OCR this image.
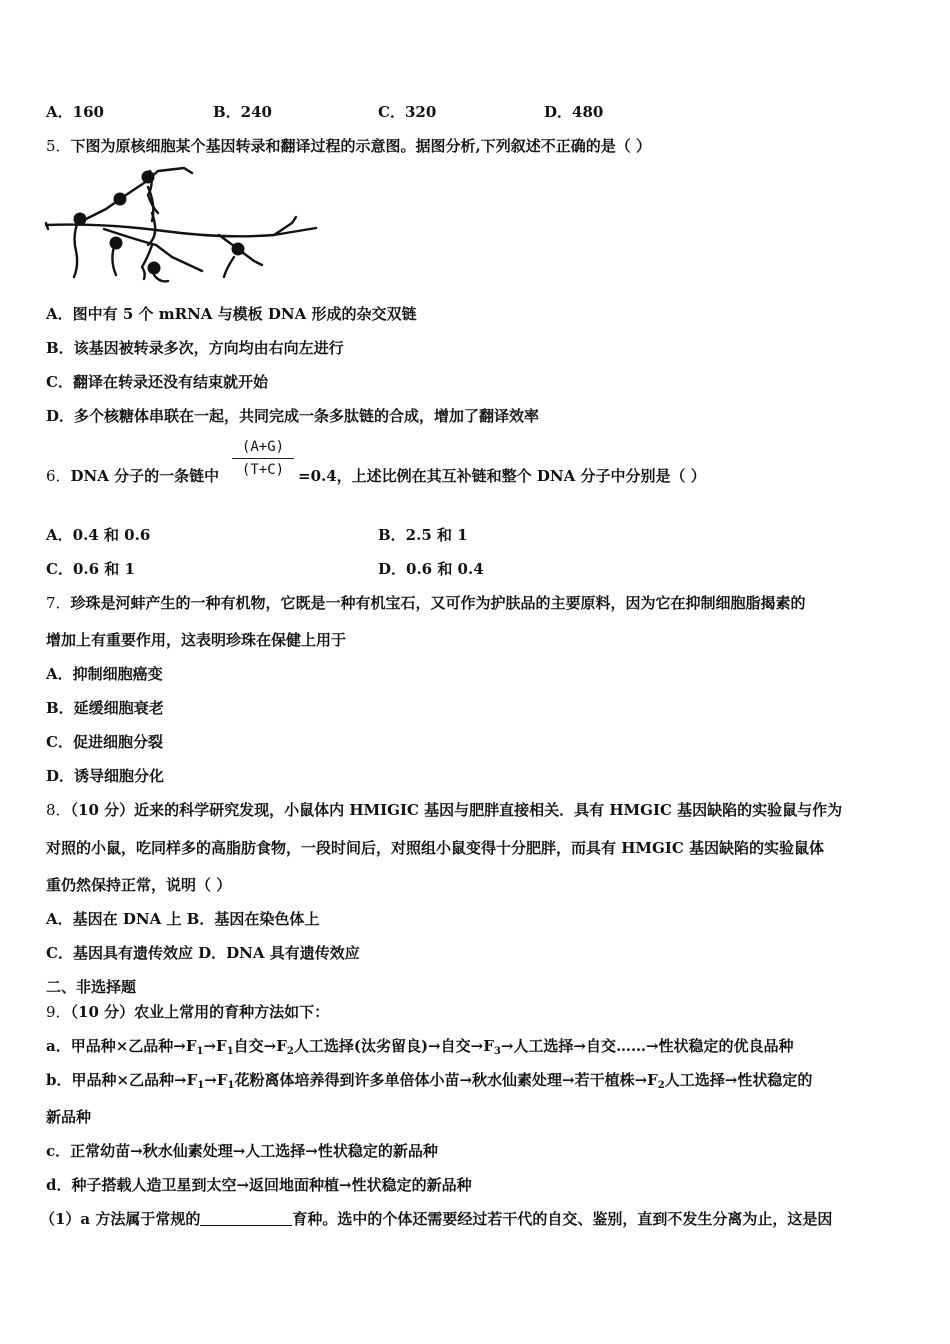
A．160	B．240	C．320	D．480
5．下图为原核细胞某个基因转录和翻译过程的示意图。据图分析,下列叙述不正确的是（ ）
A．图中有 5 个 mRNA 与模板 DNA 形成的杂交双链
B．该基因被转录多次，方向均由右向左进行
C．翻译在转录还没有结束就开始
D．多个核糖体串联在一起，共同完成一条多肽链的合成，增加了翻译效率
(A+G)
(T+C)
6．DNA 分子的一条链中	=0.4，上述比例在其互补链和整个 DNA 分子中分别是（ ）
A．0.4 和 0.6	B．2.5 和 1
C．0.6 和 1	D．0.6 和 0.4
7．珍珠是河蚌产生的一种有机物，它既是一种有机宝石，又可作为护肤品的主要原料，因为它在抑制细胞脂揭素的
增加上有重要作用，这表明珍珠在保健上用于
A．抑制细胞癌变
B．延缓细胞衰老
C．促进细胞分裂
D．诱导细胞分化
8．（10 分）近来的科学研究发现，小鼠体内 HMIGIC 基因与肥胖直接相关．具有 HMGIC 基因缺陷的实验鼠与作为
对照的小鼠，吃同样多的高脂肪食物，一段时间后，对照组小鼠变得十分肥胖，而具有 HMGIC 基因缺陷的实验鼠体
重仍然保持正常，说明（ ）
A．基因在 DNA 上 B．基因在染色体上
C．基因具有遗传效应 D．DNA 具有遗传效应
二、非选择题
9．（10 分）农业上常用的育种方法如下：
a．甲品种×乙品种$\to F_1\to F_1$自交$\to F_2$人工选择(汰劣留良)→自交$\to F_3\to$人工选择→自交……→性状稳定的优良品种
b．甲品种×乙品种$\to F_1\to F_1$花粉离体培养得到许多单倍体小苗→秋水仙素处理→若干植株$\to F_2$人工选择→性状稳定的
新品种
c．正常幼苗→秋水仙素处理→人工选择→性状稳定的新品种
d．种子搭载人造卫星到太空→返回地面种植→性状稳定的新品种
（1）a 方法属于常规的	育种。选中的个体还需要经过若干代的自交、鉴别，直到不发生分离为止，这是因
